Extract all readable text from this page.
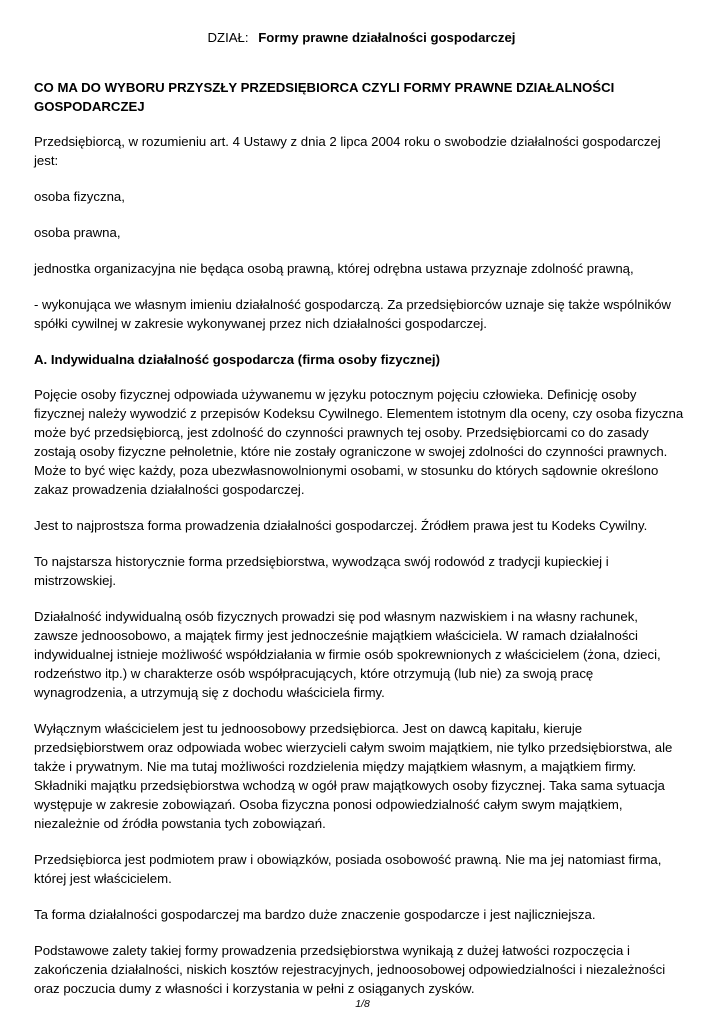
DZIAŁ: Formy prawne działalności gospodarczej
CO MA DO WYBORU PRZYSZŁY PRZEDSIĘBIORCA CZYLI FORMY PRAWNE DZIAŁALNOŚCI GOSPODARCZEJ

Przedsiębiorcą, w rozumieniu art. 4 Ustawy z dnia 2 lipca 2004 roku o swobodzie działalności gospodarczej jest:

osoba fizyczna,

osoba prawna,

jednostka organizacyjna nie będąca osobą prawną, której odrębna ustawa przyznaje zdolność prawną,

- wykonująca we własnym imieniu działalność gospodarczą. Za przedsiębiorców uznaje się także wspólników spółki cywilnej w zakresie wykonywanej przez nich działalności gospodarczej.

A. Indywidualna działalność gospodarcza (firma osoby fizycznej)

Pojęcie osoby fizycznej odpowiada używanemu w języku potocznym pojęciu człowieka. Definicję osoby fizycznej należy wywodzić z przepisów Kodeksu Cywilnego. Elementem istotnym dla oceny, czy osoba fizyczna może być przedsiębiorcą, jest zdolność do czynności prawnych tej osoby. Przedsiębiorcami co do zasady zostają osoby fizyczne pełnoletnie, które nie zostały ograniczone w swojej zdolności do czynności prawnych. Może to być więc każdy, poza ubezwłasnowolnionymi osobami, w stosunku do których sądownie określono zakaz prowadzenia działalności gospodarczej.

Jest to najprostsza forma prowadzenia działalności gospodarczej. Źródłem prawa jest tu Kodeks Cywilny.

To najstarsza historycznie forma przedsiębiorstwa, wywodząca swój rodowód z tradycji kupieckiej i mistrzowskiej.

Działalność indywidualną osób fizycznych prowadzi się pod własnym nazwiskiem i na własny rachunek, zawsze jednoosobowo, a majątek firmy jest jednocześnie majątkiem właściciela. W ramach działalności indywidualnej istnieje możliwość współdziałania w firmie osób spokrewnionych z właścicielem (żona, dzieci, rodzeństwo itp.) w charakterze osób współpracujących, które otrzymują (lub nie) za swoją pracę wynagrodzenia, a utrzymują się z dochodu właściciela firmy.

Wyłącznym właścicielem jest tu jednoosobowy przedsiębiorca. Jest on dawcą kapitału, kieruje przedsiębiorstwem oraz odpowiada wobec wierzycieli całym swoim majątkiem, nie tylko przedsiębiorstwa, ale także i prywatnym. Nie ma tutaj możliwości rozdzielenia między majątkiem własnym, a majątkiem firmy. Składniki majątku przedsiębiorstwa wchodzą w ogół praw majątkowych osoby fizycznej. Taka sama sytuacja występuje w zakresie zobowiązań. Osoba fizyczna ponosi odpowiedzialność całym swym majątkiem, niezależnie od źródła powstania tych zobowiązań.

Przedsiębiorca jest podmiotem praw i obowiązków, posiada osobowość prawną. Nie ma jej natomiast firma, której jest właścicielem.

Ta forma działalności gospodarczej ma bardzo duże znaczenie gospodarcze i jest najliczniejsza.

Podstawowe zalety takiej formy prowadzenia przedsiębiorstwa wynikają z dużej łatwości rozpoczęcia i zakończenia działalności, niskich kosztów rejestracyjnych, jednoosobowej odpowiedzialności i niezależności oraz poczucia dumy z własności i korzystania w pełni z osiąganych zysków.

1/8
